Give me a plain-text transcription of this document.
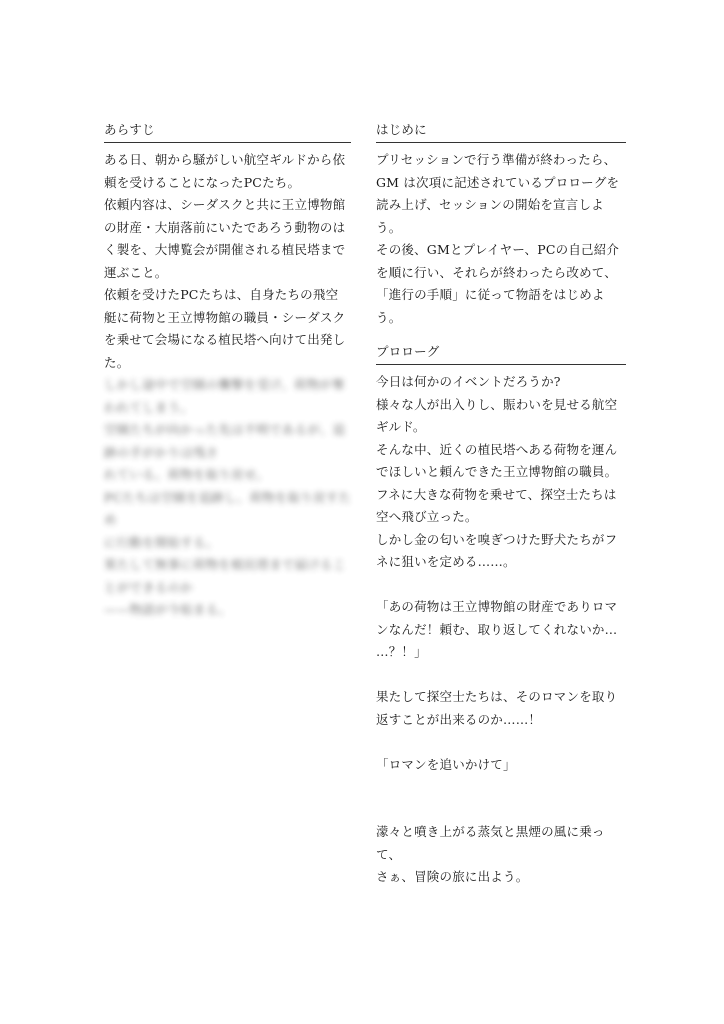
あらすじ

ある日、朝から騒がしい航空ギルドから依

頼を受けることになったPCたち。

依頼内容は、シーダスクと共に王立博物館

の財産・大崩落前にいたであろう動物のは

く製を、大博覧会が開催される植民塔まで

運ぶこと。

依頼を受けたPCたちは、自身たちの飛空

艇に荷物と王立博物館の職員・シーダスク

を乗せて会場になる植民塔へ向けて出発し

た。

しかし途中で空賊の襲撃を受け、荷物が奪われてしまう。

空賊たちが向かった先は不明であるが、追跡の手がかりは残さ

れている。荷物を取り戻せ。

PCたちは空賊を追跡し、荷物を取り戻すため

に行動を開始する。

果たして無事に荷物を植民塔まで届けることができるのか

——物語が今始まる。

はじめに

プリセッションで行う準備が終わったら、

GM は次項に記述されているプロローグを

読み上げ、セッションの開始を宣言しよう。

その後、GMとプレイヤー、PCの自己紹介

を順に行い、それらが終わったら改めて、

「進行の手順」に従って物語をはじめよう。

プロローグ

今日は何かのイベントだろうか?

様々な人が出入りし、賑わいを見せる航空

ギルド。

そんな中、近くの植民塔へある荷物を運ん

でほしいと頼んできた王立博物館の職員。

フネに大きな荷物を乗せて、探空士たちは

空へ飛び立った。

しかし金の匂いを嗅ぎつけた野犬たちがフ

ネに狙いを定める……。

「あの荷物は王立博物館の財産でありロマ

ンなんだ！頼む、取り返してくれないか…

…？！」

果たして探空士たちは、そのロマンを取り

返すことが出来るのか……！

「ロマンを追いかけて」

濛々と噴き上がる蒸気と黒煙の風に乗って、

さぁ、冒険の旅に出よう。
